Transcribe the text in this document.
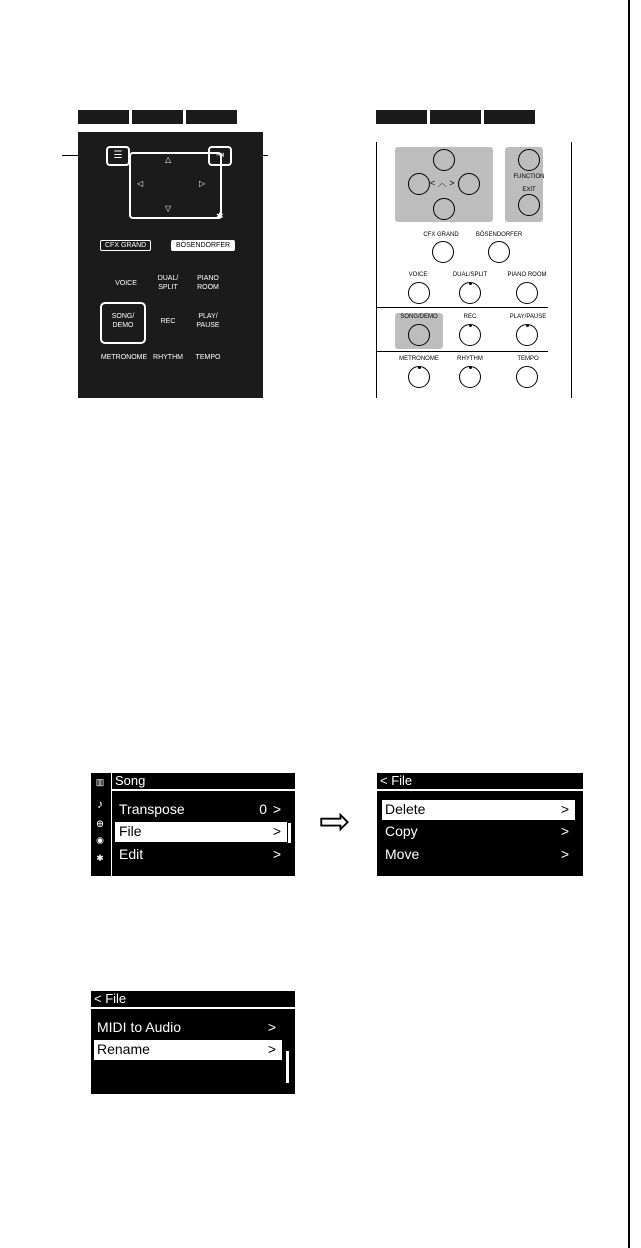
☰	⇥
△
▽
◁	▷
✱
CFX GRAND	BÖSENDORFER
VOICE
DUAL/
SPLIT
PIANO
ROOM
SONG/
DEMO
REC
PLAY/
PAUSE
METRONOME RHYTHM	TEMPO
< ︿ >
FUNCTION
EXIT
CFX GRAND	BÖSENDORFER
VOICE	DUAL/SPLIT	PIANO ROOM
SONG/DEMO	REC	PLAY/PAUSE
METRONOME	RHYTHM	TEMPO
▥
♪
Ꚛ
◉
✱
Song
Transpose	0 >
File	>
Edit	>
⇨
< File
Delete	>
Copy	>
Move	>
< File
MIDI to Audio	>
Rename	>
